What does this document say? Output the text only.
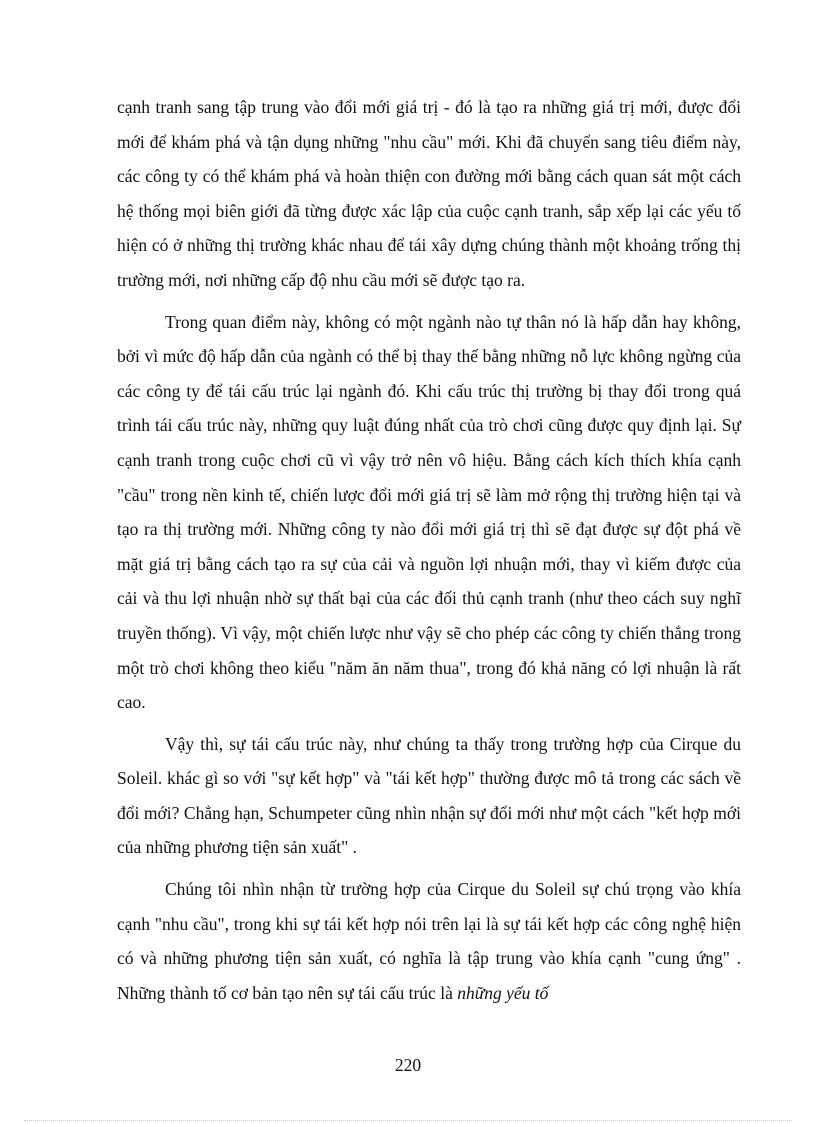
cạnh tranh sang tập trung vào đổi mới giá trị - đó là tạo ra những giá trị mới, được đổi mới để khám phá và tận dụng những "nhu cầu" mới. Khi đã chuyển sang tiêu điểm này, các công ty có thể khám phá và hoàn thiện con đường mới bằng cách quan sát một cách hệ thống mọi biên giới đã từng được xác lập của cuộc cạnh tranh, sắp xếp lại các yếu tố hiện có ở những thị trường khác nhau để tái xây dựng chúng thành một khoảng trống thị trường mới, nơi những cấp độ nhu cầu mới sẽ được tạo ra.

Trong quan điểm này, không có một ngành nào tự thân nó là hấp dẫn hay không, bởi vì mức độ hấp dẫn của ngành có thể bị thay thế bằng những nỗ lực không ngừng của các công ty để tái cấu trúc lại ngành đó. Khi cấu trúc thị trường bị thay đổi trong quá trình tái cấu trúc này, những quy luật đúng nhất của trò chơi cũng được quy định lại. Sự cạnh tranh trong cuộc chơi cũ vì vậy trở nên vô hiệu. Bằng cách kích thích khía cạnh "cầu" trong nền kinh tế, chiến lược đổi mới giá trị sẽ làm mở rộng thị trường hiện tại và tạo ra thị trường mới. Những công ty nào đổi mới giá trị thì sẽ đạt được sự đột phá về mặt giá trị bằng cách tạo ra sự của cải và nguồn lợi nhuận mới, thay vì kiếm được của cải và thu lợi nhuận nhờ sự thất bại của các đối thủ cạnh tranh (như theo cách suy nghĩ truyền thống). Vì vậy, một chiến lược như vậy sẽ cho phép các công ty chiến thắng trong một trò chơi không theo kiểu "năm ăn năm thua", trong đó khả năng có lợi nhuận là rất cao.

Vậy thì, sự tái cấu trúc này, như chúng ta thấy trong trường hợp của Cirque du Soleil. khác gì so với "sự kết hợp" và "tái kết hợp" thường được mô tả trong các sách về đổi mới? Chẳng hạn, Schumpeter cũng nhìn nhận sự đổi mới như một cách "kết hợp mới của những phương tiện sản xuất" .

Chúng tôi nhìn nhận từ trường hợp của Cirque du Soleil sự chú trọng vào khía cạnh "nhu cầu", trong khi sự tái kết hợp nói trên lại là sự tái kết hợp các công nghệ hiện có và những phương tiện sản xuất, có nghĩa là tập trung vào khía cạnh "cung ứng" . Những thành tố cơ bản tạo nên sự tái cấu trúc là những yếu tố

220
